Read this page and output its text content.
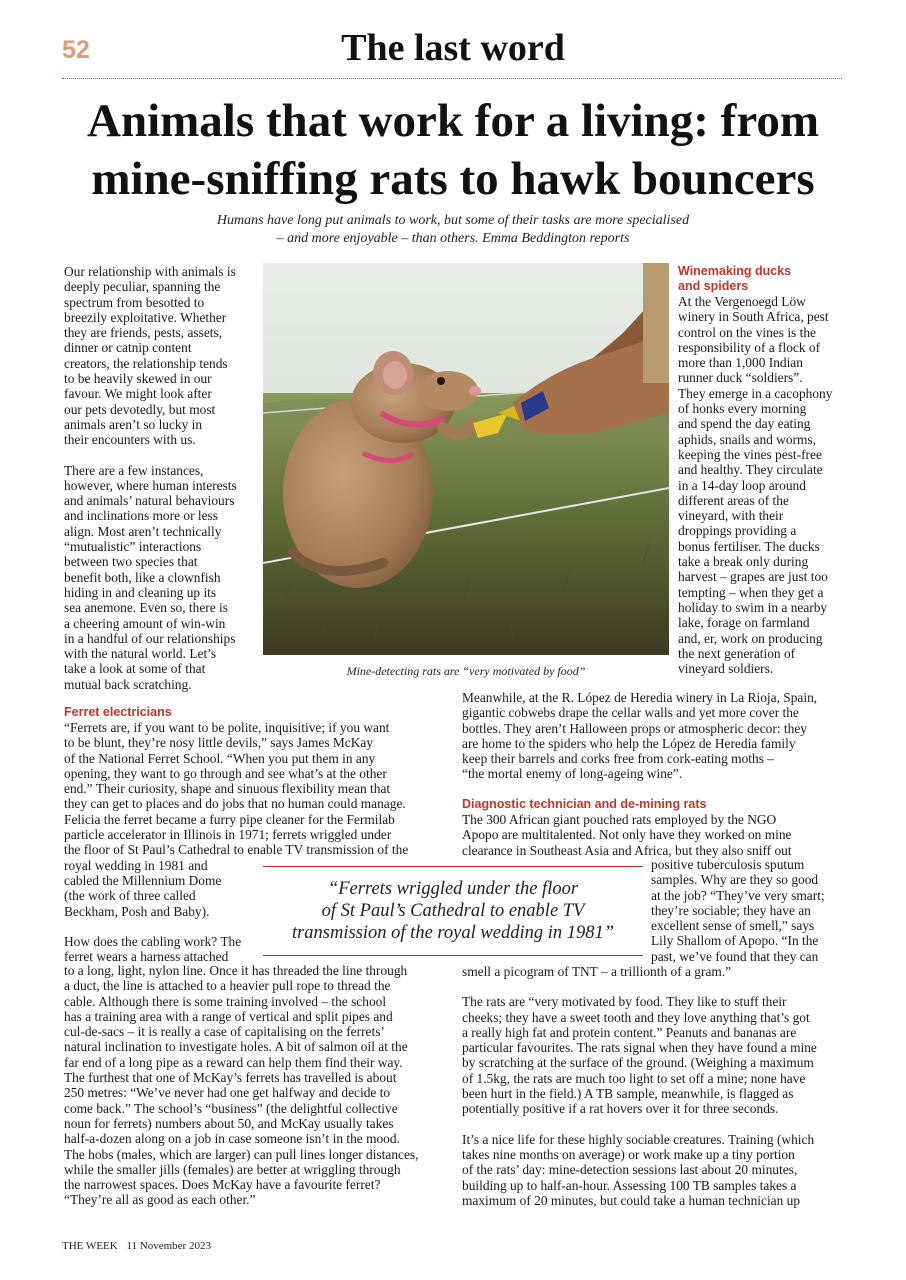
52	The last word
Animals that work for a living: from
mine-sniffing rats to hawk bouncers
Humans have long put animals to work, but some of their tasks are more specialised
– and more enjoyable – than others. Emma Beddington reports

Our relationship with animals is
deeply peculiar, spanning the
spectrum from besotted to
breezily exploitative. Whether
they are friends, pests, assets,
dinner or catnip content
creators, the relationship tends
to be heavily skewed in our
favour. We might look after
our pets devotedly, but most
animals aren’t so lucky in
their encounters with us.

There are a few instances,
however, where human interests
and animals’ natural behaviours
and inclinations more or less
align. Most aren’t technically
“mutualistic” interactions
between two species that
benefit both, like a clownfish
hiding in and cleaning up its
sea anemone. Even so, there is
a cheering amount of win-win
in a handful of our relationships
with the natural world. Let’s
take a look at some of that
mutual back scratching.

Mine-detecting rats are “very motivated by food”
Winemaking ducks
and spiders

At the Vergenoegd Löw
winery in South Africa, pest
control on the vines is the
responsibility of a flock of
more than 1,000 Indian
runner duck “soldiers”.
They emerge in a cacophony
of honks every morning
and spend the day eating
aphids, snails and worms,
keeping the vines pest-free
and healthy. They circulate
in a 14-day loop around
different areas of the
vineyard, with their
droppings providing a
bonus fertiliser. The ducks
take a break only during
harvest – grapes are just too
tempting – when they get a
holiday to swim in a nearby
lake, forage on farmland
and, er, work on producing
the next generation of
vineyard soldiers.

Ferret electricians

“Ferrets are, if you want to be polite, inquisitive; if you want
to be blunt, they’re nosy little devils,” says James McKay
of the National Ferret School. “When you put them in any
opening, they want to go through and see what’s at the other
end.” Their curiosity, shape and sinuous flexibility mean that
they can get to places and do jobs that no human could manage.
Felicia the ferret became a furry pipe cleaner for the Fermilab
particle accelerator in Illinois in 1971; ferrets wriggled under
the floor of St Paul’s Cathedral to enable TV transmission of the

royal wedding in 1981 and
cabled the Millennium Dome
(the work of three called
Beckham, Posh and Baby).

How does the cabling work? The
ferret wears a harness attached

to a long, light, nylon line. Once it has threaded the line through
a duct, the line is attached to a heavier pull rope to thread the
cable. Although there is some training involved – the school
has a training area with a range of vertical and split pipes and
cul-de-sacs – it is really a case of capitalising on the ferrets’
natural inclination to investigate holes. A bit of salmon oil at the
far end of a long pipe as a reward can help them find their way.
The furthest that one of McKay’s ferrets has travelled is about
250 metres: “We’ve never had one get halfway and decide to
come back.” The school’s “business” (the delightful collective
noun for ferrets) numbers about 50, and McKay usually takes
half-a-dozen along on a job in case someone isn’t in the mood.
The hobs (males, which are larger) can pull lines longer distances,
while the smaller jills (females) are better at wriggling through
the narrowest spaces. Does McKay have a favourite ferret?
“They’re all as good as each other.”

“Ferrets wriggled under the floor
of St Paul’s Cathedral to enable TV
transmission of the royal wedding in 1981”

Meanwhile, at the R. López de Heredia winery in La Rioja, Spain,
gigantic cobwebs drape the cellar walls and yet more cover the
bottles. They aren’t Halloween props or atmospheric decor: they
are home to the spiders who help the López de Heredia family
keep their barrels and corks free from cork-eating moths –
“the mortal enemy of long-ageing wine”.

Diagnostic technician and de-mining rats

The 300 African giant pouched rats employed by the NGO
Apopo are multitalented. Not only have they worked on mine
clearance in Southeast Asia and Africa, but they also sniff out

positive tuberculosis sputum
samples. Why are they so good
at the job? “They’ve very smart;
they’re sociable; they have an
excellent sense of smell,” says
Lily Shallom of Apopo. “In the
past, we’ve found that they can

smell a picogram of TNT – a trillionth of a gram.”

The rats are “very motivated by food. They like to stuff their
cheeks; they have a sweet tooth and they love anything that’s got
a really high fat and protein content.” Peanuts and bananas are
particular favourites. The rats signal when they have found a mine
by scratching at the surface of the ground. (Weighing a maximum
of 1.5kg, the rats are much too light to set off a mine; none have
been hurt in the field.) A TB sample, meanwhile, is flagged as
potentially positive if a rat hovers over it for three seconds.

It’s a nice life for these highly sociable creatures. Training (which
takes nine months on average) or work make up a tiny portion
of the rats’ day: mine-detection sessions last about 20 minutes,
building up to half-an-hour. Assessing 100 TB samples takes a
maximum of 20 minutes, but could take a human technician up

THE WEEK 11 November 2023
